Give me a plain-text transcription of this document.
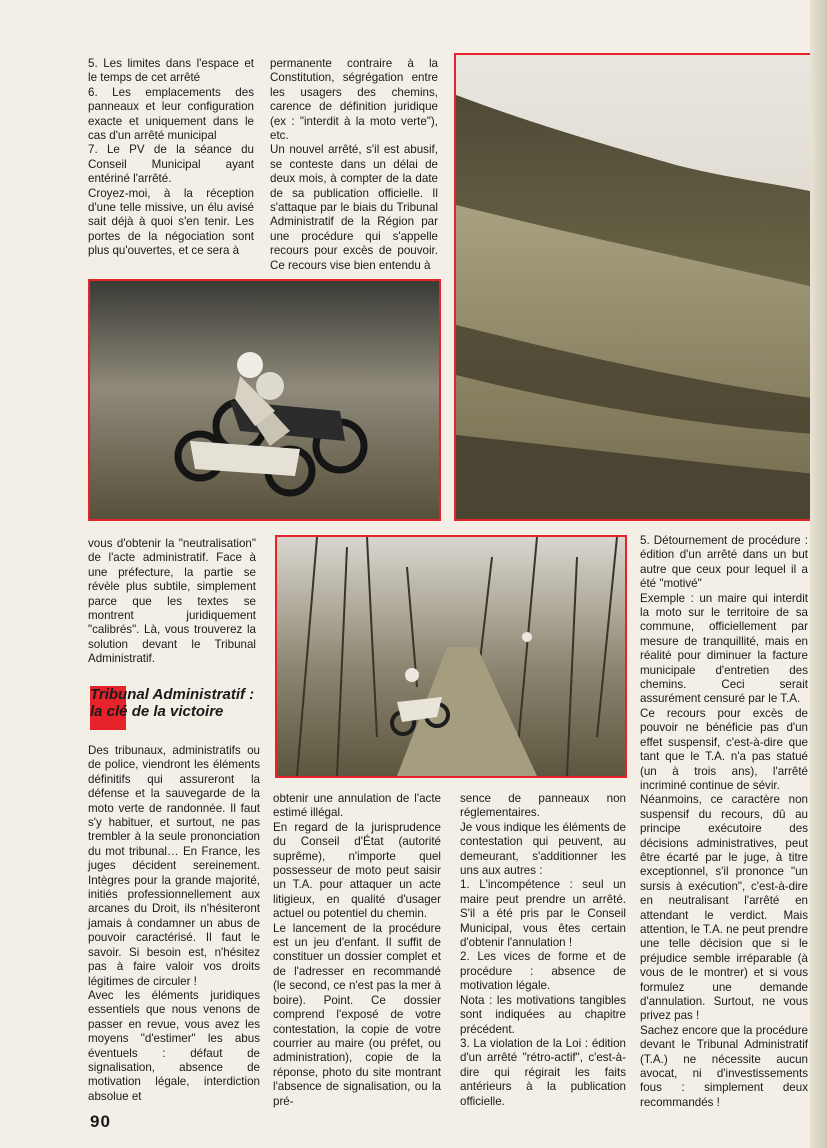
5. Les limites dans l'espace et le temps de cet arrêté

6. Les emplacements des panneaux et leur configuration exacte et uniquement dans le cas d'un arrêté municipal

7. Le PV de la séance du Conseil Municipal ayant entériné l'arrêté.

Croyez-moi, à la réception d'une telle missive, un élu avisé sait déjà à quoi s'en tenir. Les portes de la négociation sont plus qu'ouvertes, et ce sera à

permanente contraire à la Constitution, ségrégation entre les usagers des chemins, carence de définition juridique (ex : "interdit à la moto verte"), etc.

Un nouvel arrêté, s'il est abusif, se conteste dans un délai de deux mois, à compter de la date de sa publication officielle. Il s'attaque par le biais du Tribunal Administratif de la Région par une procédure qui s'appelle recours pour excès de pouvoir. Ce recours vise bien entendu à

vous d'obtenir la "neutralisation" de l'acte administratif. Face à une préfecture, la partie se révèle plus subtile, simplement parce que les textes se montrent juridiquement "calibrés". Là, vous trouverez la solution devant le Tribunal Administratif.

Tribunal Administratif : la clé de la victoire

Des tribunaux, administratifs ou de police, viendront les éléments définitifs qui assureront la défense et la sauvegarde de la moto verte de randonnée. Il faut s'y habituer, et surtout, ne pas trembler à la seule prononciation du mot tribunal… En France, les juges décident sereinement. Intègres pour la grande majorité, initiés professionnellement aux arcanes du Droit, ils n'hésiteront jamais à condamner un abus de pouvoir caractérisé. Il faut le savoir. Si besoin est, n'hésitez pas à faire valoir vos droits légitimes de circuler !

Avec les éléments juridiques essentiels que nous venons de passer en revue, vous avez les moyens "d'estimer" les abus éventuels : défaut de signalisation, absence de motivation légale, interdiction absolue et

obtenir une annulation de l'acte estimé illégal.

En regard de la jurisprudence du Conseil d'État (autorité suprême), n'importe quel possesseur de moto peut saisir un T.A. pour attaquer un acte litigieux, en qualité d'usager actuel ou potentiel du chemin.

Le lancement de la procédure est un jeu d'enfant. Il suffit de constituer un dossier complet et de l'adresser en recommandé (le second, ce n'est pas la mer à boire). Point. Ce dossier comprend l'exposé de votre contestation, la copie de votre courrier au maire (ou préfet, ou administration), copie de la réponse, photo du site montrant l'absence de signalisation, ou la pré-

sence de panneaux non réglementaires.

Je vous indique les éléments de contestation qui peuvent, au demeurant, s'additionner les uns aux autres :

1. L'incompétence : seul un maire peut prendre un arrêté. S'il a été pris par le Conseil Municipal, vous êtes certain d'obtenir l'annulation !

2. Les vices de forme et de procédure : absence de motivation légale.

Nota : les motivations tangibles sont indiquées au chapitre précédent.

3. La violation de la Loi : édition d'un arrêté "rétro-actif", c'est-à-dire qui régirait les faits antérieurs à la publication officielle.

5. Détournement de procédure : édition d'un arrêté dans un but autre que ceux pour lequel il a été "motivé"

Exemple : un maire qui interdit la moto sur le territoire de sa commune, officiellement par mesure de tranquillité, mais en réalité pour diminuer la facture municipale d'entretien des chemins. Ceci serait assurément censuré par le T.A.

Ce recours pour excès de pouvoir ne bénéficie pas d'un effet suspensif, c'est-à-dire que tant que le T.A. n'a pas statué (un à trois ans), l'arrêté incriminé continue de sévir.

Néanmoins, ce caractère non suspensif du recours, dû au principe exécutoire des décisions administratives, peut être écarté par le juge, à titre exceptionnel, s'il prononce "un sursis à exécution", c'est-à-dire en neutralisant l'arrêté en attendant le verdict. Mais attention, le T.A. ne peut prendre une telle décision que si le préjudice semble irréparable (à vous de le montrer) et si vous formulez une demande d'annulation. Surtout, ne vous privez pas !

Sachez encore que la procédure devant le Tribunal Administratif (T.A.) ne nécessite aucun avocat, ni d'investissements fous : simplement deux recommandés !

90
